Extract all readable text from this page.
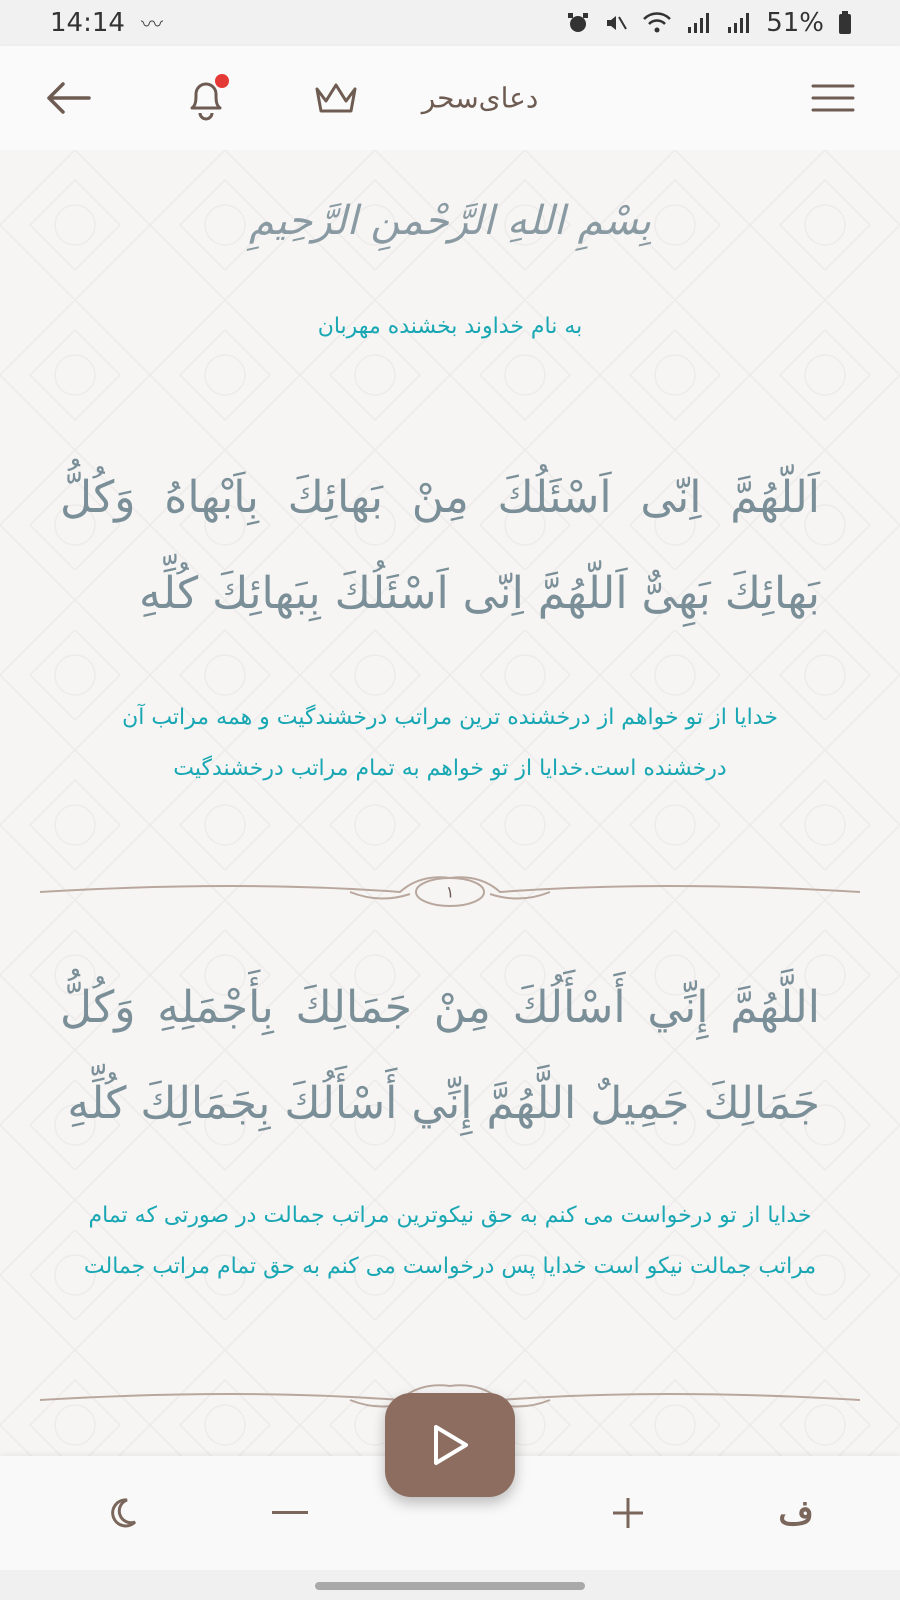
14:14 〰	51%
دعای‌سحر
بِسْمِ اللهِ الرَّحْمنِ الرَّحِيمِ
به نام خداوند بخشنده مهربان
اَللّهُمَّ اِنّى اَسْئَلُكَ مِنْ بَهائِكَ بِاَبْهاهُ وَكُلُّ بَهائِكَ بَهِىٌّ اَللّهُمَّ اِنّى اَسْئَلُكَ بِبَهائِكَ كُلِّهِ
خدایا از تو خواهم از درخشنده ترین مراتب درخشندگیت و همه مراتب آن درخشنده است.خدایا از تو خواهم به تمام مراتب درخشندگیت
۱
اللَّهُمَّ إِنِّي أَسْأَلُكَ مِنْ جَمَالِكَ بِأَجْمَلِهِ وَكُلُّ جَمَالِكَ جَمِيلٌ اللَّهُمَّ إِنِّي أَسْأَلُكَ بِجَمَالِكَ كُلِّهِ
خدایا از تو درخواست می کنم به حق نیکوترین مراتب جمالت در صورتی که تمام مراتب جمالت نیکو است خدایا پس درخواست می کنم به حق تمام مراتب جمالت
ف
